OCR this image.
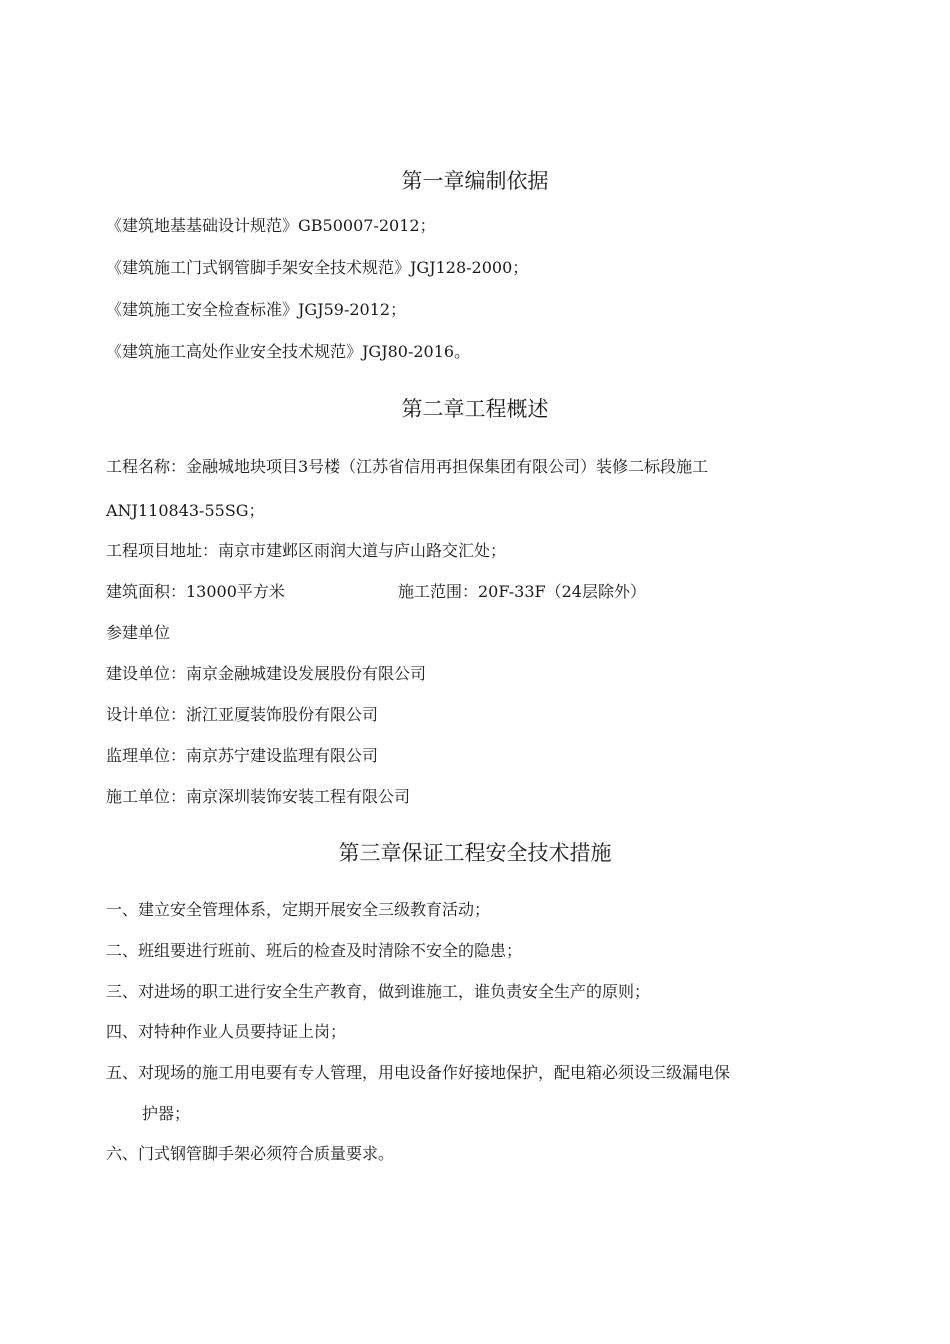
第一章编制依据
《建筑地基基础设计规范》GB50007-2012；
《建筑施工门式钢管脚手架安全技术规范》JGJ128-2000；
《建筑施工安全检查标准》JGJ59-2012；
《建筑施工高处作业安全技术规范》JGJ80-2016。
第二章工程概述
工程名称：金融城地块项目3号楼（江苏省信用再担保集团有限公司）装修二标段施工
ANJ110843-55SG；
工程项目地址：南京市建邺区雨润大道与庐山路交汇处；
建筑面积：13000平方米	施工范围：20F-33F（24层除外）
参建单位
建设单位：南京金融城建设发展股份有限公司
设计单位：浙江亚厦装饰股份有限公司
监理单位：南京苏宁建设监理有限公司
施工单位：南京深圳装饰安装工程有限公司
第三章保证工程安全技术措施
一、建立安全管理体系，定期开展安全三级教育活动；
二、班组要进行班前、班后的检查及时清除不安全的隐患；
三、对进场的职工进行安全生产教育，做到谁施工，谁负责安全生产的原则；
四、对特种作业人员要持证上岗；
五、对现场的施工用电要有专人管理，用电设备作好接地保护，配电箱必须设三级漏电保
护器；
六、门式钢管脚手架必须符合质量要求。
